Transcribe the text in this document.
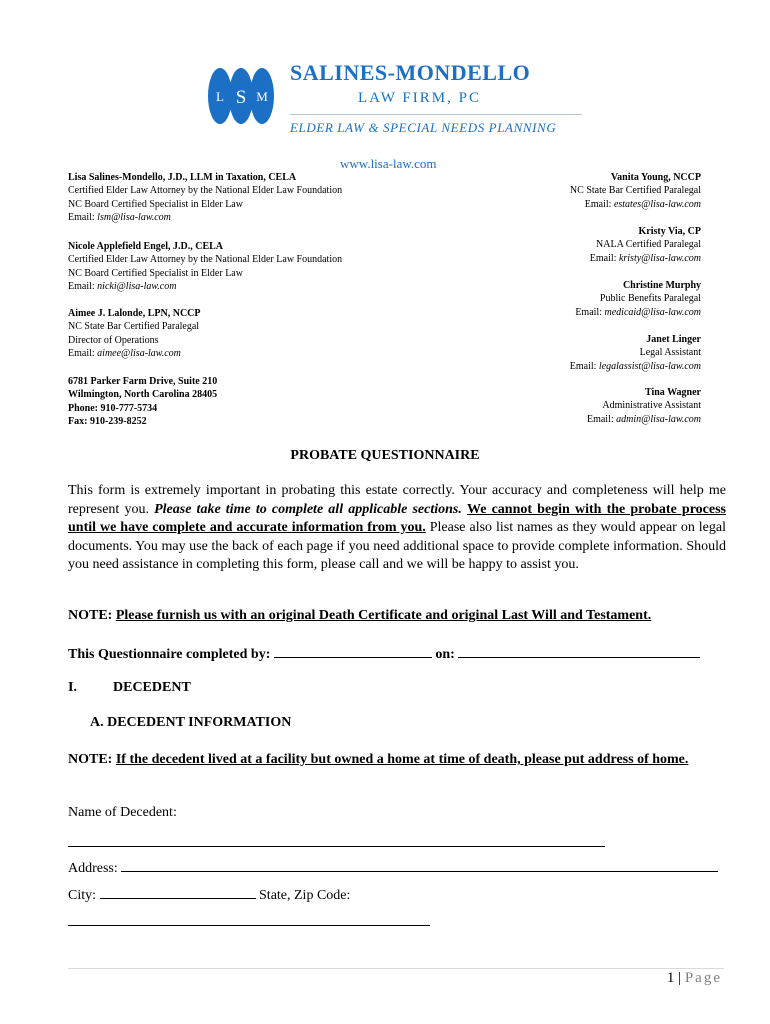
L S M
SALINES-MONDELLO
LAW FIRM, PC
ELDER LAW & SPECIAL NEEDS PLANNING
www.lisa-law.com
Lisa Salines-Mondello, J.D., LLM in Taxation, CELA
Certified Elder Law Attorney by the National Elder Law Foundation
NC Board Certified Specialist in Elder Law
Email: lsm@lisa-law.com
Nicole Applefield Engel, J.D., CELA
Certified Elder Law Attorney by the National Elder Law Foundation
NC Board Certified Specialist in Elder Law
Email: nicki@lisa-law.com
Aimee J. Lalonde, LPN, NCCP
NC State Bar Certified Paralegal
Director of Operations
Email: aimee@lisa-law.com
6781 Parker Farm Drive, Suite 210
Wilmington, North Carolina 28405
Phone: 910-777-5734
Fax: 910-239-8252
Vanita Young, NCCP
NC State Bar Certified Paralegal
Email: estates@lisa-law.com
Kristy Via, CP
NALA Certified Paralegal
Email: kristy@lisa-law.com
Christine Murphy
Public Benefits Paralegal
Email: medicaid@lisa-law.com
Janet Linger
Legal Assistant
Email: legalassist@lisa-law.com
Tina Wagner
Administrative Assistant
Email: admin@lisa-law.com
PROBATE QUESTIONNAIRE
This form is extremely important in probating this estate correctly. Your accuracy and completeness will help me represent you. Please take time to complete all applicable sections. We cannot begin with the probate process until we have complete and accurate information from you. Please also list names as they would appear on legal documents. You may use the back of each page if you need additional space to provide complete information. Should you need assistance in completing this form, please call and we will be happy to assist you.
NOTE: Please furnish us with an original Death Certificate and original Last Will and Testament.
This Questionnaire completed by:	on:
I.	DECEDENT
A. DECEDENT INFORMATION
NOTE: If the decedent lived at a facility but owned a home at time of death, please put address of home.
Name of Decedent:
Address:
City:	State, Zip Code:
1 | Page
